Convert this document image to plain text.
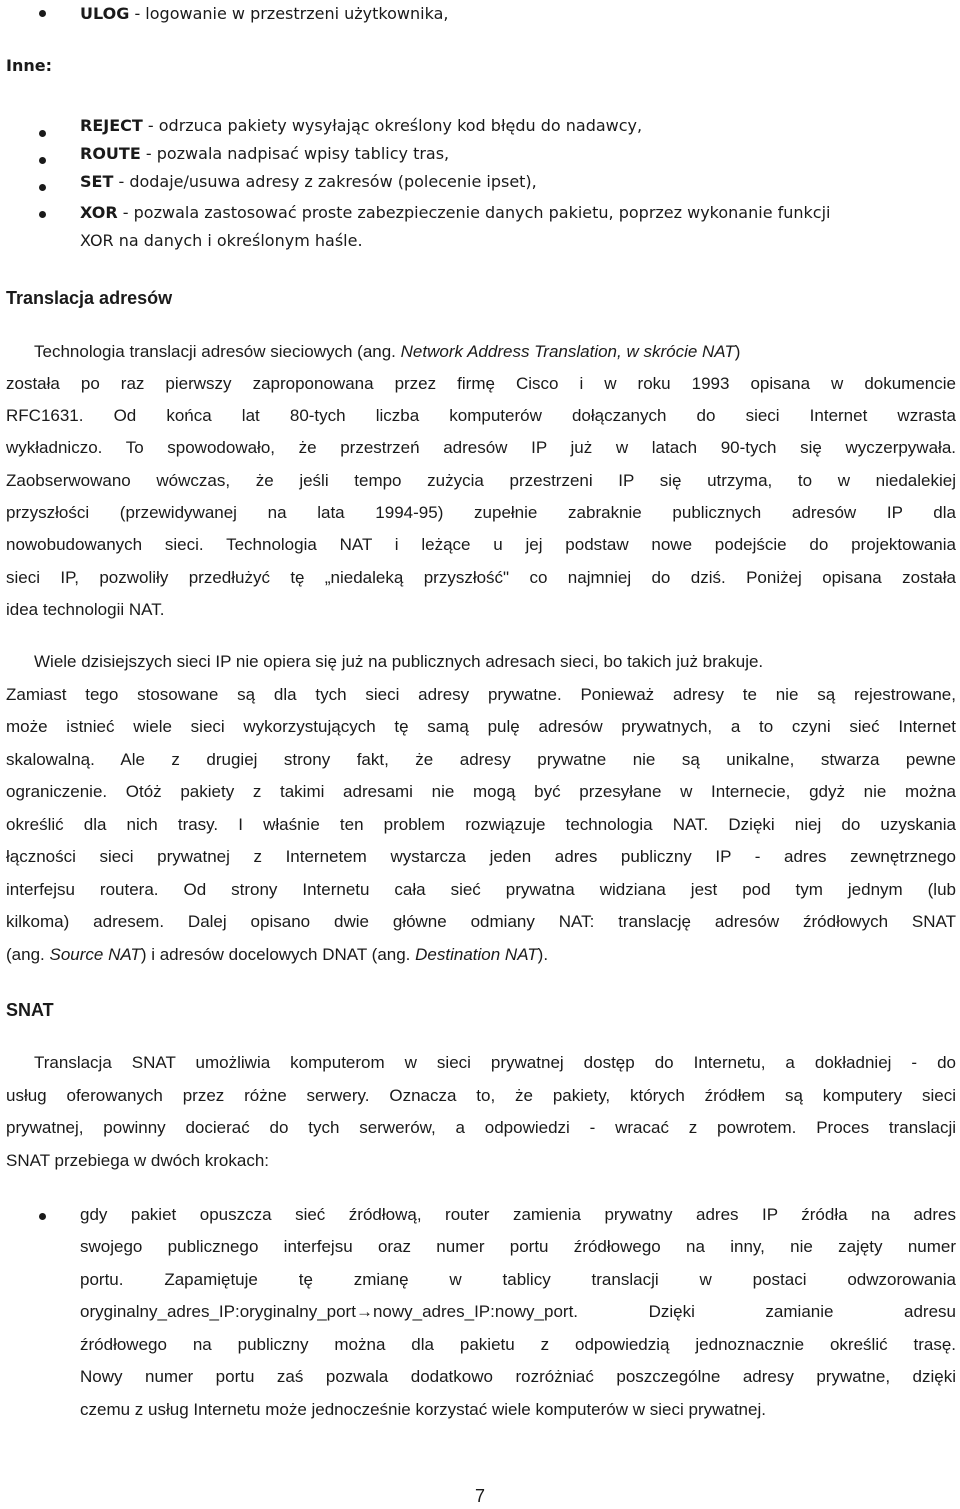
ULOG - logowanie w przestrzeni użytkownika,
Inne:
REJECT - odrzuca pakiety wysyłając określony kod błędu do nadawcy,
ROUTE - pozwala nadpisać wpisy tablicy tras,
SET - dodaje/usuwa adresy z zakresów (polecenie ipset),
XOR - pozwala zastosować proste zabezpieczenie danych pakietu, poprzez wykonanie funkcji
XOR na danych i określonym haśle.
Translacja adresów
Technologia translacji adresów sieciowych (ang. Network Address Translation, w skrócie NAT)
została po raz pierwszy zaproponowana przez firmę Cisco i w roku 1993 opisana w dokumencie
RFC1631. Od końca lat 80-tych liczba komputerów dołączanych do sieci Internet wzrasta
wykładniczo. To spowodowało, że przestrzeń adresów IP już w latach 90-tych się wyczerpywała.
Zaobserwowano wówczas, że jeśli tempo zużycia przestrzeni IP się utrzyma, to w niedalekiej
przyszłości (przewidywanej na lata 1994-95) zupełnie zabraknie publicznych adresów IP dla
nowobudowanych sieci. Technologia NAT i leżące u jej podstaw nowe podejście do projektowania
sieci IP, pozwoliły przedłużyć tę „niedaleką przyszłość" co najmniej do dziś. Poniżej opisana została
idea technologii NAT.
Wiele dzisiejszych sieci IP nie opiera się już na publicznych adresach sieci, bo takich już brakuje.
Zamiast tego stosowane są dla tych sieci adresy prywatne. Ponieważ adresy te nie są rejestrowane,
może istnieć wiele sieci wykorzystujących tę samą pulę adresów prywatnych, a to czyni sieć Internet
skalowalną. Ale z drugiej strony fakt, że adresy prywatne nie są unikalne, stwarza pewne
ograniczenie. Otóż pakiety z takimi adresami nie mogą być przesyłane w Internecie, gdyż nie można
określić dla nich trasy. I właśnie ten problem rozwiązuje technologia NAT. Dzięki niej do uzyskania
łączności sieci prywatnej z Internetem wystarcza jeden adres publiczny IP - adres zewnętrznego
interfejsu routera. Od strony Internetu cała sieć prywatna widziana jest pod tym jednym (lub
kilkoma) adresem. Dalej opisano dwie główne odmiany NAT: translację adresów źródłowych SNAT
(ang. Source NAT) i adresów docelowych DNAT (ang. Destination NAT).
SNAT
Translacja SNAT umożliwia komputerom w sieci prywatnej dostęp do Internetu, a dokładniej - do
usług oferowanych przez różne serwery. Oznacza to, że pakiety, których źródłem są komputery sieci
prywatnej, powinny docierać do tych serwerów, a odpowiedzi - wracać z powrotem. Proces translacji
SNAT przebiega w dwóch krokach:
gdy pakiet opuszcza sieć źródłową, router zamienia prywatny adres IP źródła na adres
swojego publicznego interfejsu oraz numer portu źródłowego na inny, nie zajęty numer
portu. Zapamiętuje tę zmianę w tablicy translacji w postaci odwzorowania
oryginalny_adres_IP:oryginalny_port→nowy_adres_IP:nowy_port. Dzięki zamianie adresu
źródłowego na publiczny można dla pakietu z odpowiedzią jednoznacznie określić trasę.
Nowy numer portu zaś pozwala dodatkowo rozróżniać poszczególne adresy prywatne, dzięki
czemu z usług Internetu może jednocześnie korzystać wiele komputerów w sieci prywatnej.
7
